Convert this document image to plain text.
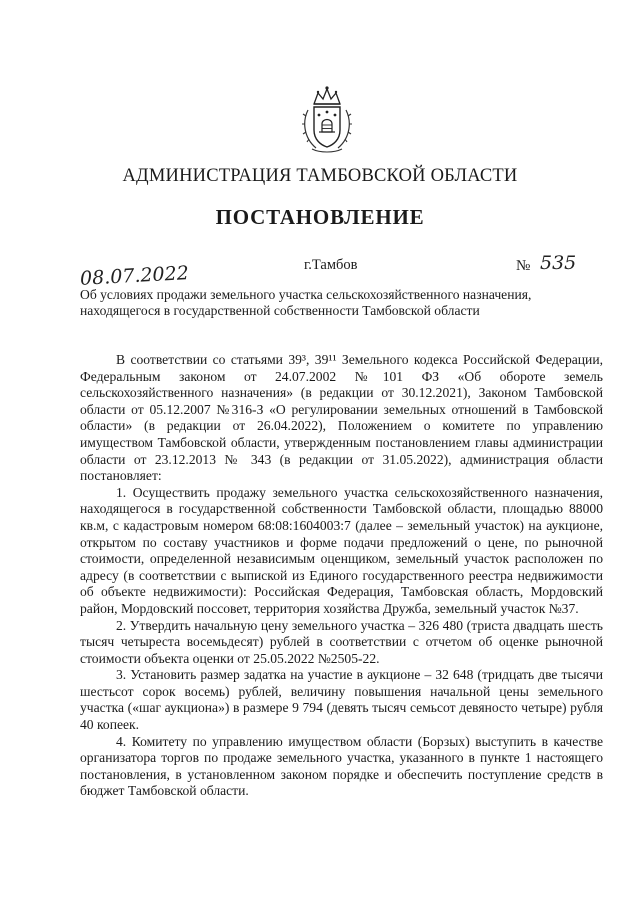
АДМИНИСТРАЦИЯ ТАМБОВСКОЙ ОБЛАСТИ
ПОСТАНОВЛЕНИЕ
08.07.2022	г.Тамбов	№ 535
Об условиях продажи земельного участка сельскохозяйственного назначения, находящегося в государственной собственности Тамбовской области

В соответствии со статьями 39³, 39¹¹ Земельного кодекса Российской Федерации, Федеральным законом от 24.07.2002 №101 ФЗ «Об обороте земель сельскохозяйственного назначения» (в редакции от 30.12.2021), Законом Тамбовской области от 05.12.2007 №316-З «О регулировании земельных отношений в Тамбовской области» (в редакции от 26.04.2022), Положением о комитете по управлению имуществом Тамбовской области, утвержденным постановлением главы администрации области от 23.12.2013 № 343 (в редакции от 31.05.2022), администрация области постановляет:

1. Осуществить продажу земельного участка сельскохозяйственного назначения, находящегося в государственной собственности Тамбовской области, площадью 88000 кв.м, с кадастровым номером 68:08:1604003:7 (далее – земельный участок) на аукционе, открытом по составу участников и форме подачи предложений о цене, по рыночной стоимости, определенной независимым оценщиком, земельный участок расположен по адресу (в соответствии с выпиской из Единого государственного реестра недвижимости об объекте недвижимости): Российская Федерация, Тамбовская область, Мордовский район, Мордовский поссовет, территория хозяйства Дружба, земельный участок №37.

2. Утвердить начальную цену земельного участка – 326 480 (триста двадцать шесть тысяч четыреста восемьдесят) рублей в соответствии с отчетом об оценке рыночной стоимости объекта оценки от 25.05.2022 №2505-22.

3. Установить размер задатка на участие в аукционе – 32 648 (тридцать две тысячи шестьсот сорок восемь) рублей, величину повышения начальной цены земельного участка («шаг аукциона») в размере 9 794 (девять тысяч семьсот девяносто четыре) рубля 40 копеек.

4. Комитету по управлению имуществом области (Борзых) выступить в качестве организатора торгов по продаже земельного участка, указанного в пункте 1 настоящего постановления, в установленном законом порядке и обеспечить поступление средств в бюджет Тамбовской области.
